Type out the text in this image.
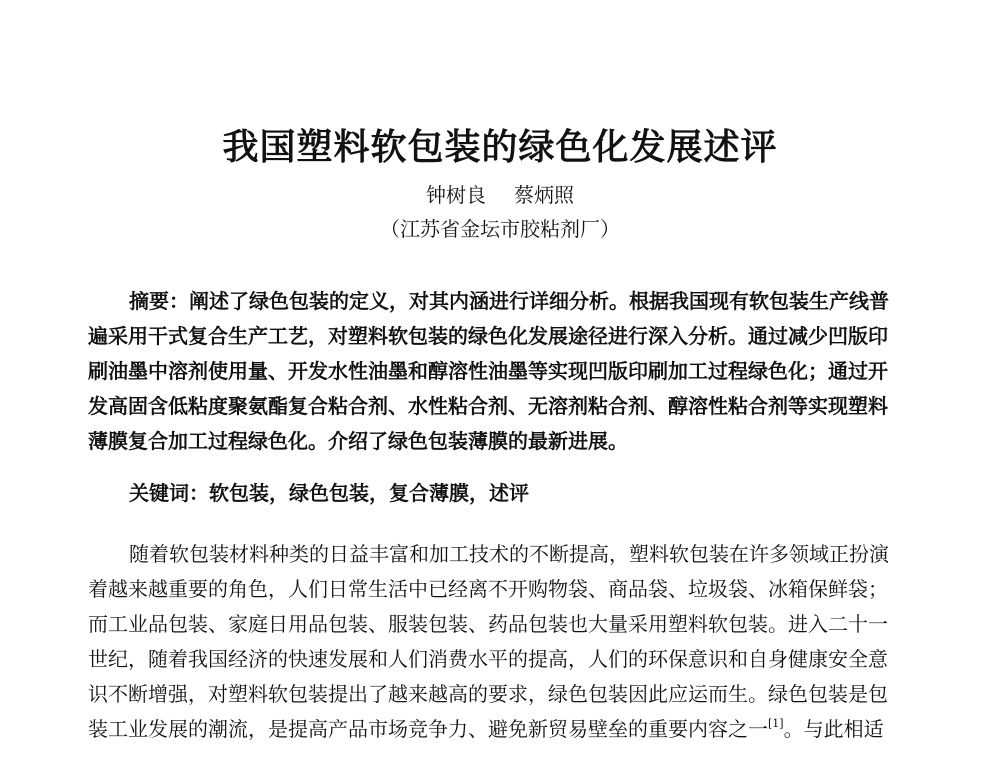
我国塑料软包装的绿色化发展述评
钟树良 蔡炳照
（江苏省金坛市胶粘剂厂）
摘要：阐述了绿色包装的定义，对其内涵进行详细分析。根据我国现有软包装生产线普
遍采用干式复合生产工艺，对塑料软包装的绿色化发展途径进行深入分析。通过减少凹版印
刷油墨中溶剂使用量、开发水性油墨和醇溶性油墨等实现凹版印刷加工过程绿色化；通过开
发高固含低粘度聚氨酯复合粘合剂、水性粘合剂、无溶剂粘合剂、醇溶性粘合剂等实现塑料
薄膜复合加工过程绿色化。介绍了绿色包装薄膜的最新进展。
关键词：软包装，绿色包装，复合薄膜，述评
随着软包装材料种类的日益丰富和加工技术的不断提高，塑料软包装在许多领域正扮演
着越来越重要的角色，人们日常生活中已经离不开购物袋、商品袋、垃圾袋、冰箱保鲜袋；
而工业品包装、家庭日用品包装、服装包装、药品包装也大量采用塑料软包装。进入二十一
世纪，随着我国经济的快速发展和人们消费水平的提高，人们的环保意识和自身健康安全意
识不断增强，对塑料软包装提出了越来越高的要求，绿色包装因此应运而生。绿色包装是包
装工业发展的潮流，是提高产品市场竞争力、避免新贸易壁垒的重要内容之一[1]。与此相适
